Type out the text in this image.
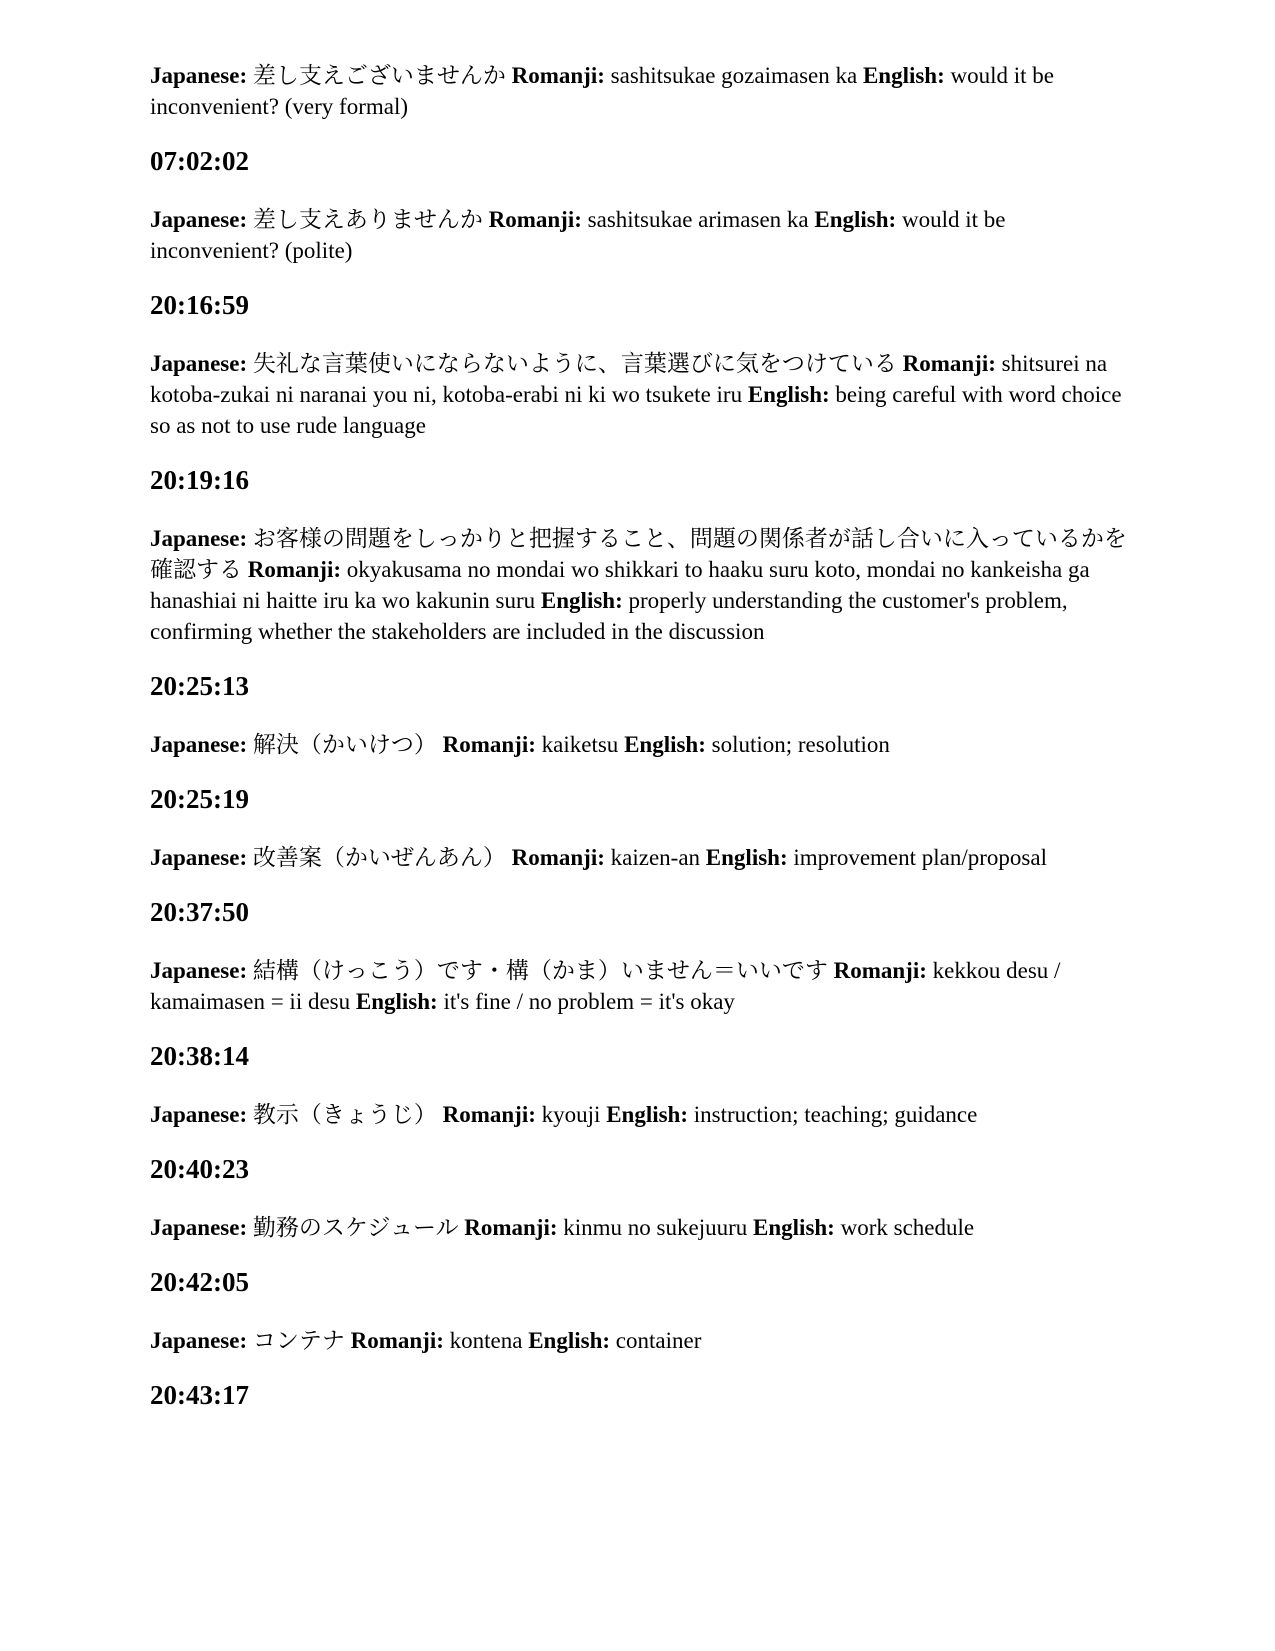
Japanese: 差し支えございませんか Romanji: sashitsukae gozaimasen ka English: would it be inconvenient? (very formal)

07:02:02

Japanese: 差し支えありませんか Romanji: sashitsukae arimasen ka English: would it be inconvenient? (polite)

20:16:59

Japanese: 失礼な言葉使いにならないように、言葉選びに気をつけている Romanji: shitsurei na kotoba-zukai ni naranai you ni, kotoba-erabi ni ki wo tsukete iru English: being careful with word choice so as not to use rude language

20:19:16

Japanese: お客様の問題をしっかりと把握すること、問題の関係者が話し合いに入っているかを確認する Romanji: okyakusama no mondai wo shikkari to haaku suru koto, mondai no kankeisha ga hanashiai ni haitte iru ka wo kakunin suru English: properly understanding the customer's problem, confirming whether the stakeholders are included in the discussion

20:25:13

Japanese: 解決（かいけつ） Romanji: kaiketsu English: solution; resolution

20:25:19

Japanese: 改善案（かいぜんあん） Romanji: kaizen-an English: improvement plan/proposal

20:37:50

Japanese: 結構（けっこう）です・構（かま）いません＝いいです Romanji: kekkou desu / kamaimasen = ii desu English: it's fine / no problem = it's okay

20:38:14

Japanese: 教示（きょうじ） Romanji: kyouji English: instruction; teaching; guidance

20:40:23

Japanese: 勤務のスケジュール Romanji: kinmu no sukejuuru English: work schedule

20:42:05

Japanese: コンテナ Romanji: kontena English: container

20:43:17
